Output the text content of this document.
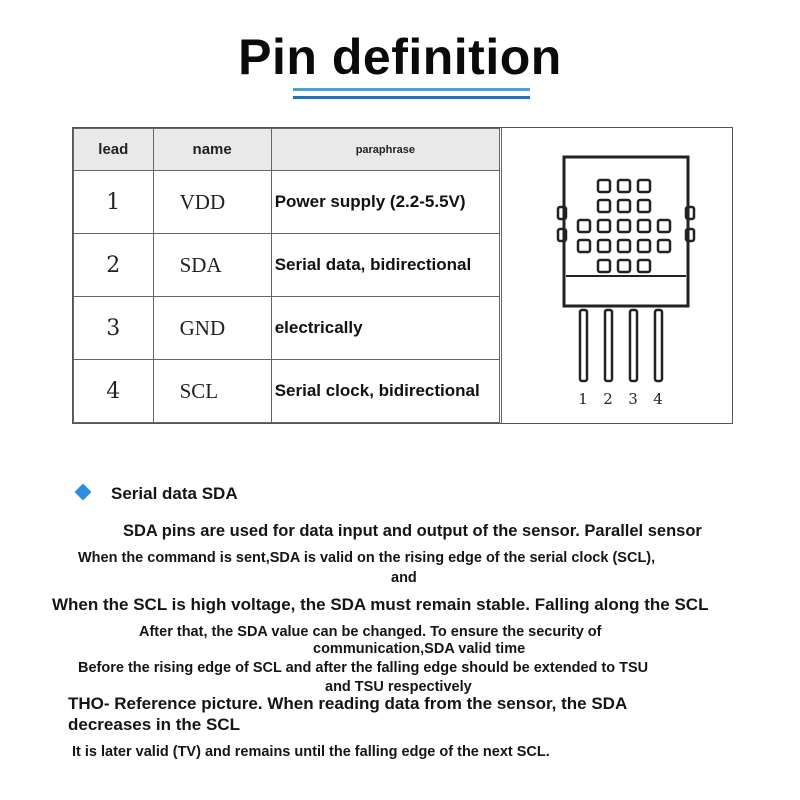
Pin definition
lead	name	paraphrase
1	VDD	Power supply (2.2-5.5V)
2	SDA	Serial data, bidirectional
3	GND	electrically
4	SCL	Serial clock, bidirectional	1 2 3 4
Serial data SDA
SDA pins are used for data input and output of the sensor. Parallel sensor
When the command is sent,SDA is valid on the rising edge of the serial clock (SCL),
and
When the SCL is high voltage, the SDA must remain stable. Falling along the SCL
After that, the SDA value can be changed. To ensure the security of
communication,SDA valid time
Before the rising edge of SCL and after the falling edge should be extended to TSU
and TSU respectively
THO- Reference picture. When reading data from the sensor, the SDA
decreases in the SCL
It is later valid (TV) and remains until the falling edge of the next SCL.
